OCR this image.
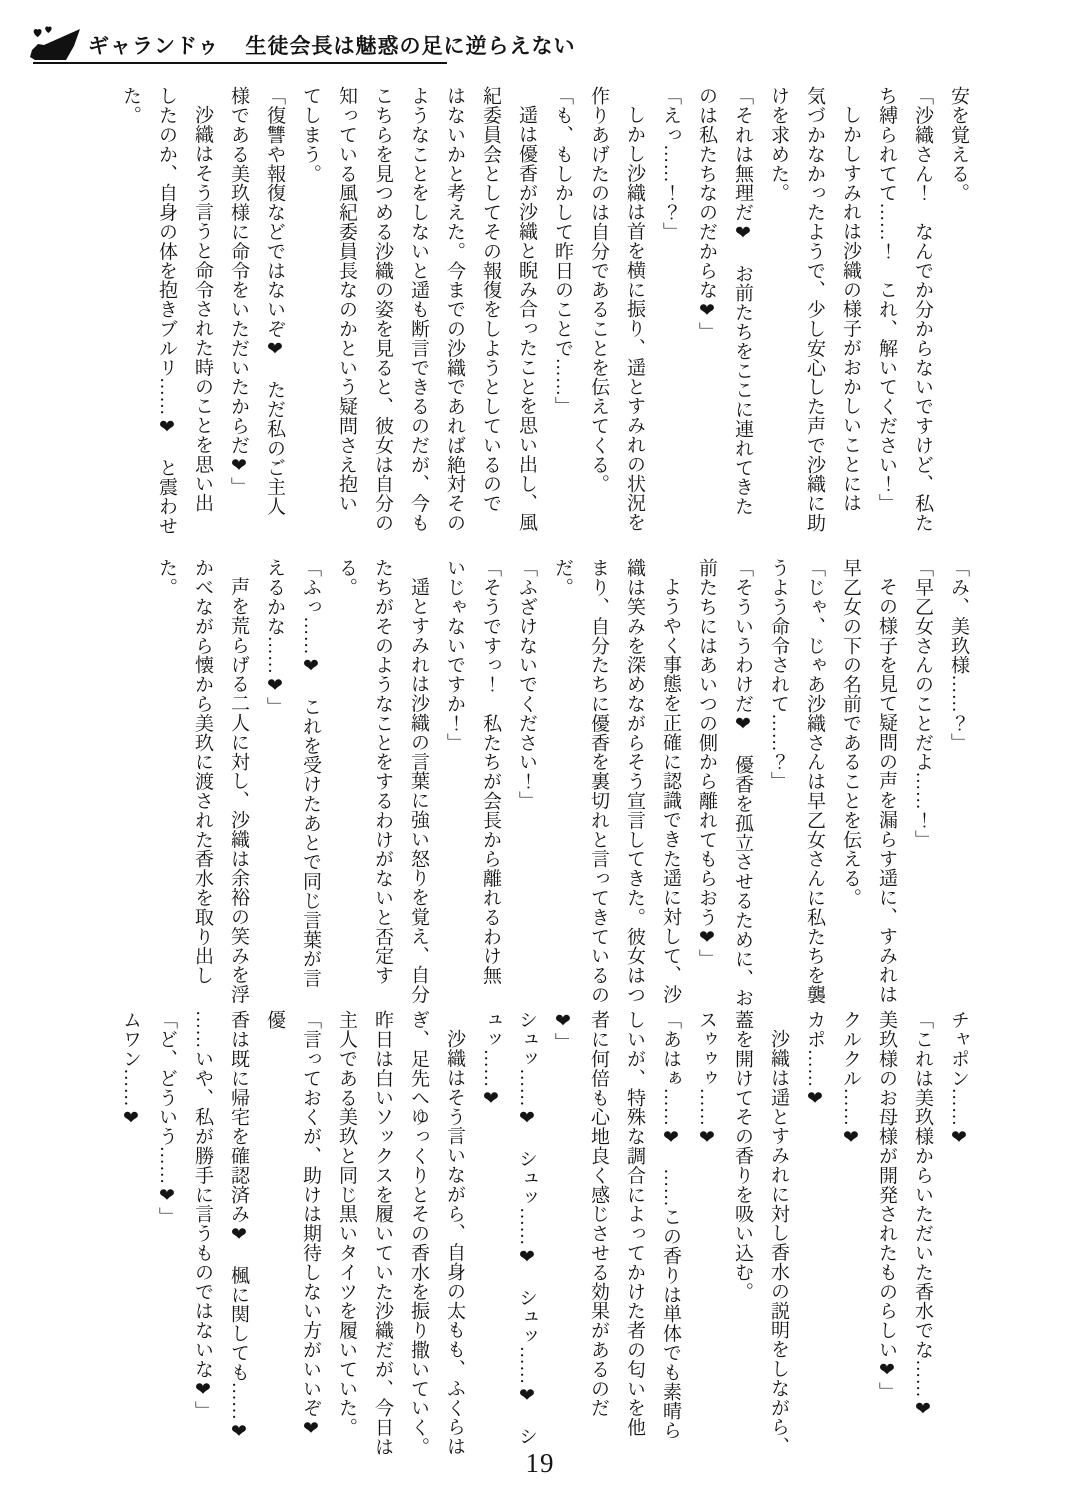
ギャランドゥ 生徒会長は魅惑の足に逆らえない

安を覚える。

「沙織さん！　なんでか分からないですけど、私た

ち縛られてて……！　これ、解いてください！」

しかしすみれは沙織の様子がおかしいことには

気づかなかったようで、少し安心した声で沙織に助

けを求めた。

「それは無理だ❤　お前たちをここに連れてきた

のは私たちなのだからな❤」

「えっ……！？」

しかし沙織は首を横に振り、遥とすみれの状況を

作りあげたのは自分であることを伝えてくる。

「も、もしかして昨日のことで……」

遥は優香が沙織と睨み合ったことを思い出し、風

紀委員会としてその報復をしようとしているので

はないかと考えた。今までの沙織であれば絶対その

ようなことをしないと遥も断言できるのだが、今も

こちらを見つめる沙織の姿を見ると、彼女は自分の

知っている風紀委員長なのかという疑問さえ抱い

てしまう。

「復讐や報復などではないぞ❤　ただ私のご主人

様である美玖様に命令をいただいたからだ❤」

沙織はそう言うと命令された時のことを思い出

したのか、自身の体を抱きブルリ……❤　と震わせ

た。

「み、美玖様……？」

「早乙女さんのことだよ……！」

その様子を見て疑問の声を漏らす遥に、すみれは

早乙女の下の名前であることを伝える。

「じゃ、じゃあ沙織さんは早乙女さんに私たちを襲

うよう命令されて……？」

「そういうわけだ❤　優香を孤立させるために、お

前たちにはあいつの側から離れてもらおう❤」

ようやく事態を正確に認識できた遥に対して、沙

織は笑みを深めながらそう宣言してきた。彼女はつ

まり、自分たちに優香を裏切れと言ってきているの

だ。

「ふざけないでください！」

「そうですっ！　私たちが会長から離れるわけ無

いじゃないですか！」

遥とすみれは沙織の言葉に強い怒りを覚え、自分

たちがそのようなことをするわけがないと否定す

る。

「ふっ……❤　これを受けたあとで同じ言葉が言

えるかな……❤」

声を荒らげる二人に対し、沙織は余裕の笑みを浮

かべながら懐から美玖に渡された香水を取り出し

た。

チャポン……❤

「これは美玖様からいただいた香水でな……❤

美玖様のお母様が開発されたものらしい❤」

クルクル……❤

カポ……❤

沙織は遥とすみれに対し香水の説明をしながら、

蓋を開けてその香りを吸い込む。

スゥゥゥ……❤

「あはぁ……❤　……この香りは単体でも素晴ら

しいが、特殊な調合によってかけた者の匂いを他

者に何倍も心地良く感じさせる効果があるのだ

❤」

シュッ……❤　シュッ……❤　シュッ……❤　シ

ュッ……❤

沙織はそう言いながら、自身の太もも、ふくらは

ぎ、足先へゆっくりとその香水を振り撒いていく。

昨日は白いソックスを履いていた沙織だが、今日は

主人である美玖と同じ黒いタイツを履いていた。

「言っておくが、助けは期待しない方がいいぞ❤　優

香は既に帰宅を確認済み❤　楓に関しても……❤

……いや、私が勝手に言うものではないな❤」

「ど、どういう……❤」

ムワン……❤

19
